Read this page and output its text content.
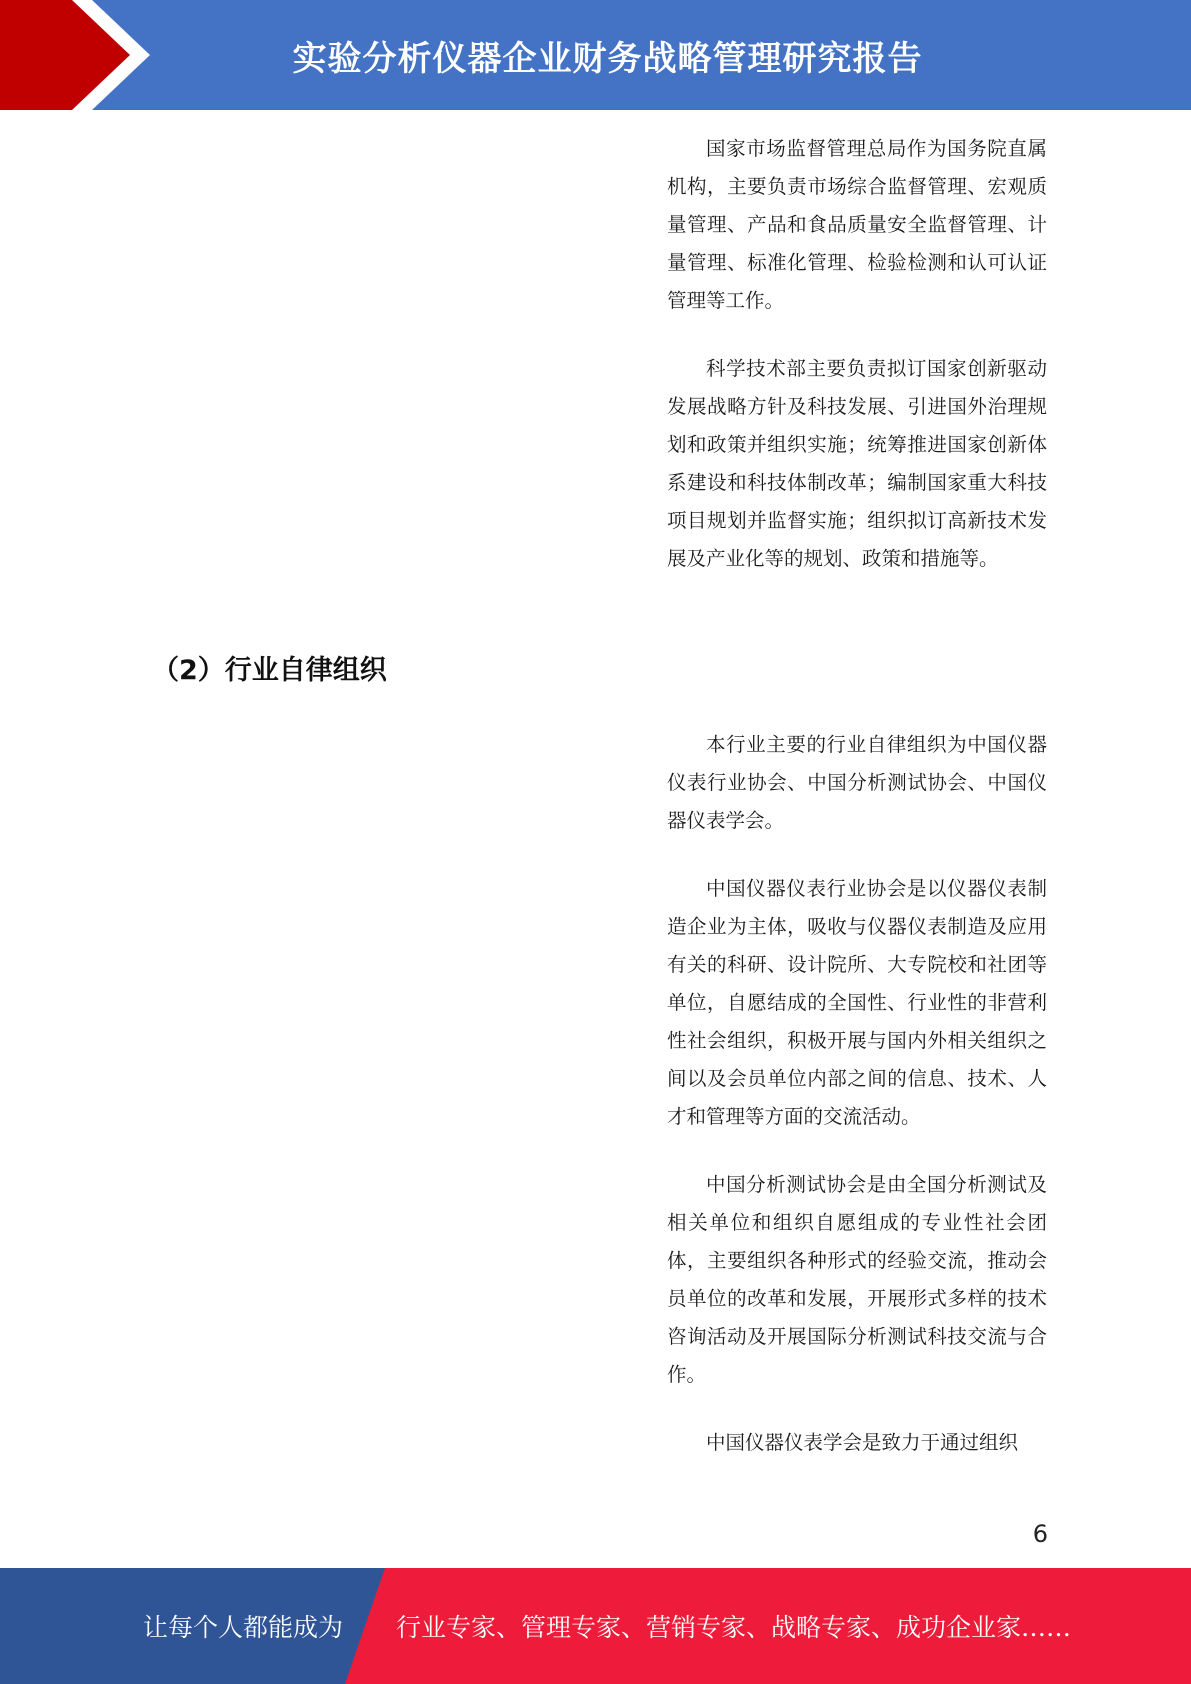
实验分析仪器企业财务战略管理研究报告

国家市场监督管理总局作为国务院直属机构，主要负责市场综合监督管理、宏观质量管理、产品和食品质量安全监督管理、计量管理、标准化管理、检验检测和认可认证管理等工作。

科学技术部主要负责拟订国家创新驱动发展战略方针及科技发展、引进国外治理规划和政策并组织实施；统筹推进国家创新体系建设和科技体制改革；编制国家重大科技项目规划并监督实施；组织拟订高新技术发展及产业化等的规划、政策和措施等。

（2）行业自律组织

本行业主要的行业自律组织为中国仪器仪表行业协会、中国分析测试协会、中国仪器仪表学会。

中国仪器仪表行业协会是以仪器仪表制造企业为主体，吸收与仪器仪表制造及应用有关的科研、设计院所、大专院校和社团等单位，自愿结成的全国性、行业性的非营利性社会组织，积极开展与国内外相关组织之间以及会员单位内部之间的信息、技术、人才和管理等方面的交流活动。

中国分析测试协会是由全国分析测试及相关单位和组织自愿组成的专业性社会团体，主要组织各种形式的经验交流，推动会员单位的改革和发展，开展形式多样的技术咨询活动及开展国际分析测试科技交流与合作。

中国仪器仪表学会是致力于通过组织

6
让每个人都能成为 行业专家、管理专家、营销专家、战略专家、成功企业家……
